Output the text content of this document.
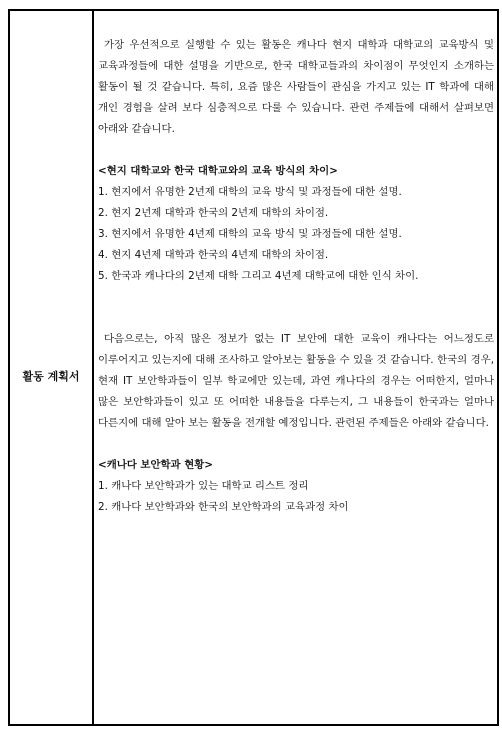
활동 계획서

가장 우선적으로 실행할 수 있는 활동은 캐나다 현지 대학과 대학교의 교육방식 및 교육과정들에 대한 설명을 기반으로, 한국 대학교들과의 차이점이 무엇인지 소개하는 활동이 될 것 같습니다. 특히, 요즘 많은 사람들이 관심을 가지고 있는 IT 학과에 대해 개인 경험을 살려 보다 심층적으로 다룰 수 있습니다. 관련 주제들에 대해서 살펴보면 아래와 같습니다.

<현지 대학교와 한국 대학교와의 교육 방식의 차이>

1. 현지에서 유명한 2년제 대학의 교육 방식 및 과정들에 대한 설명.
2. 현지 2년제 대학과 한국의 2년제 대학의 차이점.
3. 현지에서 유명한 4년제 대학의 교육 방식 및 과정들에 대한 설명.
4. 현지 4년제 대학과 한국의 4년제 대학의 차이점.
5. 한국과 캐나다의 2년제 대학 그리고 4년제 대학교에 대한 인식 차이.

다음으로는, 아직 많은 정보가 없는 IT 보안에 대한 교육이 캐나다는 어느정도로 이루어지고 있는지에 대해 조사하고 알아보는 활동을 수 있을 것 같습니다. 한국의 경우, 현재 IT 보안학과들이 일부 학교에만 있는데, 과연 캐나다의 경우는 어떠한지, 얼마나 많은 보안학과들이 있고 또 어떠한 내용들을 다루는지, 그 내용들이 한국과는 얼마나 다른지에 대해 알아 보는 활동을 전개할 예정입니다. 관련된 주제들은 아래와 같습니다.

<캐나다 보안학과 현황>

1. 캐나다 보안학과가 있는 대학교 리스트 정리
2. 캐나다 보안학과와 한국의 보안학과의 교육과정 차이
